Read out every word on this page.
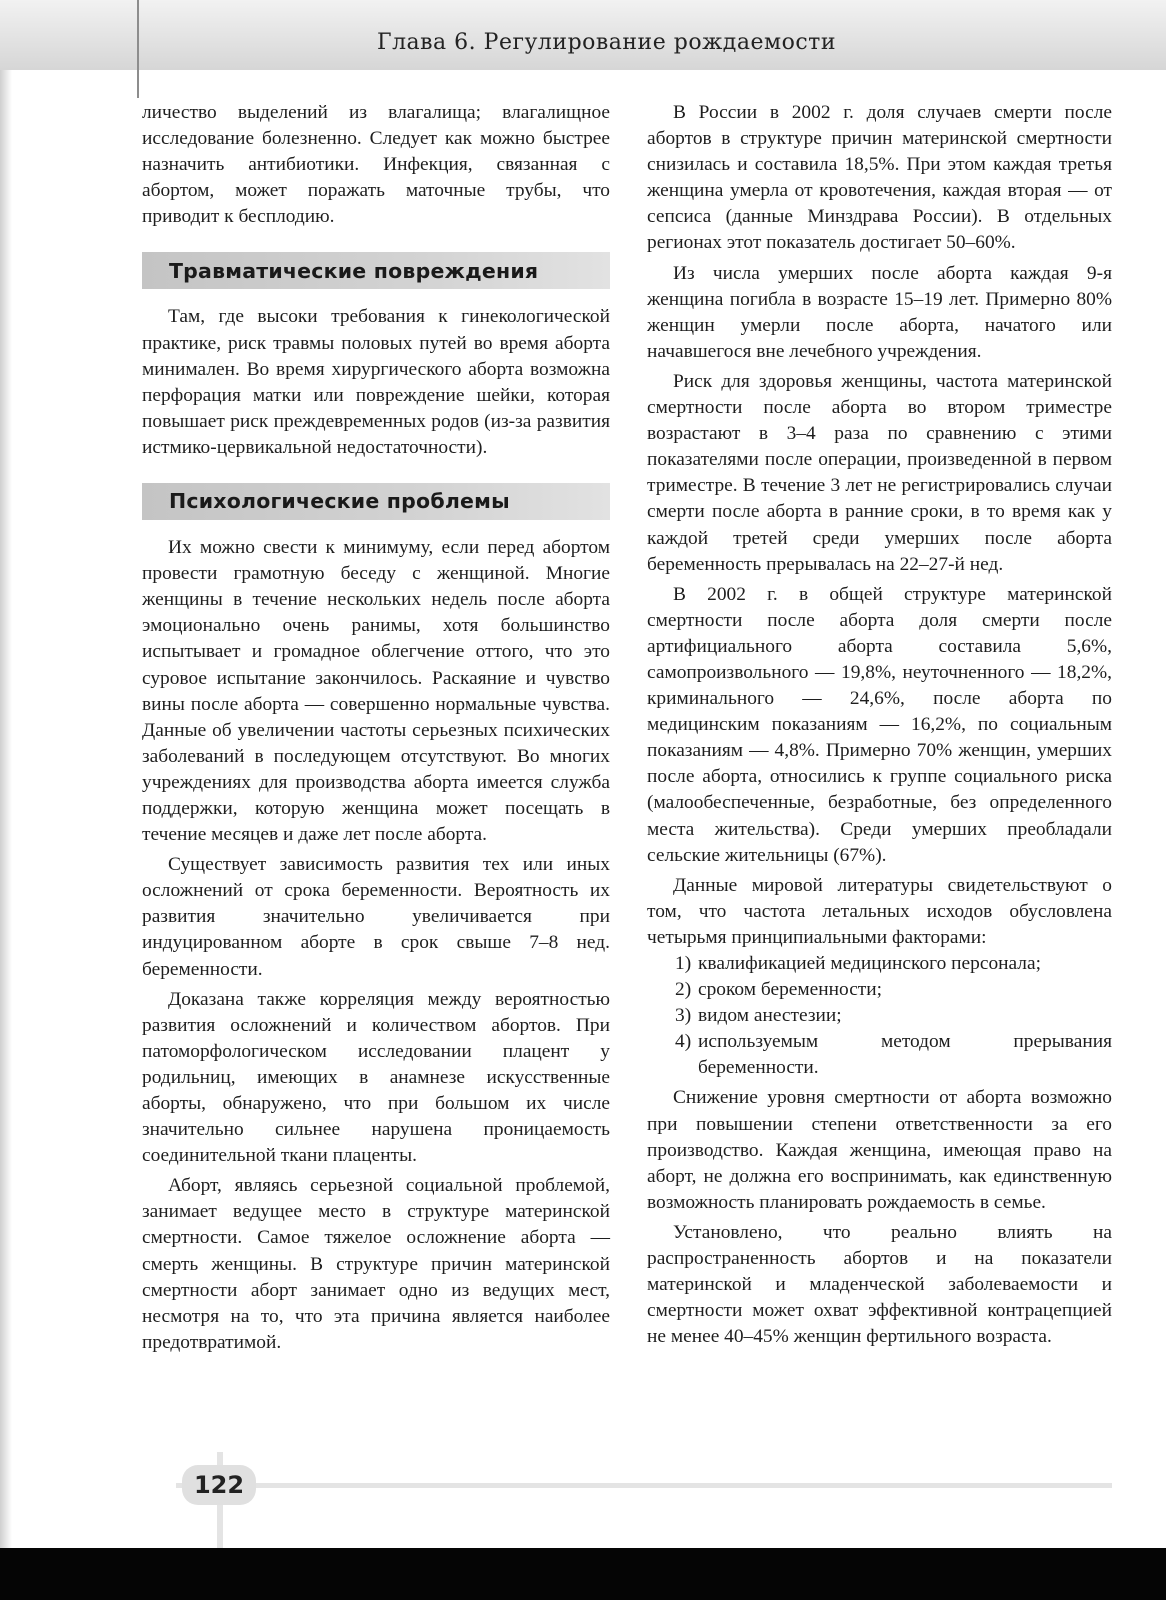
Глава 6. Регулирование рождаемости

личество выделений из влагалища; влагалищное исследование болезненно. Следует как можно быстрее назначить антибиотики. Инфекция, связанная с абортом, может поражать маточные трубы, что приводит к бесплодию.

Травматические повреждения

Там, где высоки требования к гинекологической практике, риск травмы половых путей во время аборта минимален. Во время хирургического аборта возможна перфорация матки или повреждение шейки, которая повышает риск преждевременных родов (из-за развития истмико-цервикальной недостаточности).

Психологические проблемы

Их можно свести к минимуму, если перед абортом провести грамотную беседу с женщиной. Многие женщины в течение нескольких недель после аборта эмоционально очень ранимы, хотя большинство испытывает и громадное облегчение оттого, что это суровое испытание закончилось. Раскаяние и чувство вины после аборта — совершенно нормальные чувства. Данные об увеличении частоты серьезных психических заболеваний в последующем отсутствуют. Во многих учреждениях для производства аборта имеется служба поддержки, которую женщина может посещать в течение месяцев и даже лет после аборта.

Существует зависимость развития тех или иных осложнений от срока беременности. Вероятность их развития значительно увеличивается при индуцированном аборте в срок свыше 7–8 нед. беременности.

Доказана также корреляция между вероятностью развития осложнений и количеством абортов. При патоморфологическом исследовании плацент у родильниц, имеющих в анамнезе искусственные аборты, обнаружено, что при большом их числе значительно сильнее нарушена проницаемость соединительной ткани плаценты.

Аборт, являясь серьезной социальной проблемой, занимает ведущее место в структуре материнской смертности. Самое тяжелое осложнение аборта — смерть женщины. В структуре причин материнской смертности аборт занимает одно из ведущих мест, несмотря на то, что эта причина является наиболее предотвратимой.

В России в 2002 г. доля случаев смерти после абортов в структуре причин материнской смертности снизилась и составила 18,5%. При этом каждая третья женщина умерла от кровотечения, каждая вторая — от сепсиса (данные Минздрава России). В отдельных регионах этот показатель достигает 50–60%.

Из числа умерших после аборта каждая 9-я женщина погибла в возрасте 15–19 лет. Примерно 80% женщин умерли после аборта, начатого или начавшегося вне лечебного учреждения.

Риск для здоровья женщины, частота материнской смертности после аборта во втором триместре возрастают в 3–4 раза по сравнению с этими показателями после операции, произведенной в первом триместре. В течение 3 лет не регистрировались случаи смерти после аборта в ранние сроки, в то время как у каждой третей среди умерших после аборта беременность прерывалась на 22–27-й нед.

В 2002 г. в общей структуре материнской смертности после аборта доля смерти после артифициального аборта составила 5,6%, самопроизвольного — 19,8%, неуточненного — 18,2%, криминального — 24,6%, после аборта по медицинским показаниям — 16,2%, по социальным показаниям — 4,8%. Примерно 70% женщин, умерших после аборта, относились к группе социального риска (малообеспеченные, безработные, без определенного места жительства). Среди умерших преобладали сельские жительницы (67%).

Данные мировой литературы свидетельствуют о том, что частота летальных исходов обусловлена четырьмя принципиальными факторами:

1) квалификацией медицинского персонала;
2) сроком беременности;
3) видом анестезии;
4) используемым методом прерывания беременности.

Снижение уровня смертности от аборта возможно при повышении степени ответственности за его производство. Каждая женщина, имеющая право на аборт, не должна его воспринимать, как единственную возможность планировать рождаемость в семье.

Установлено, что реально влиять на распространенность абортов и на показатели материнской и младенческой заболеваемости и смертности может охват эффективной контрацепцией не менее 40–45% женщин фертильного возраста.

122
